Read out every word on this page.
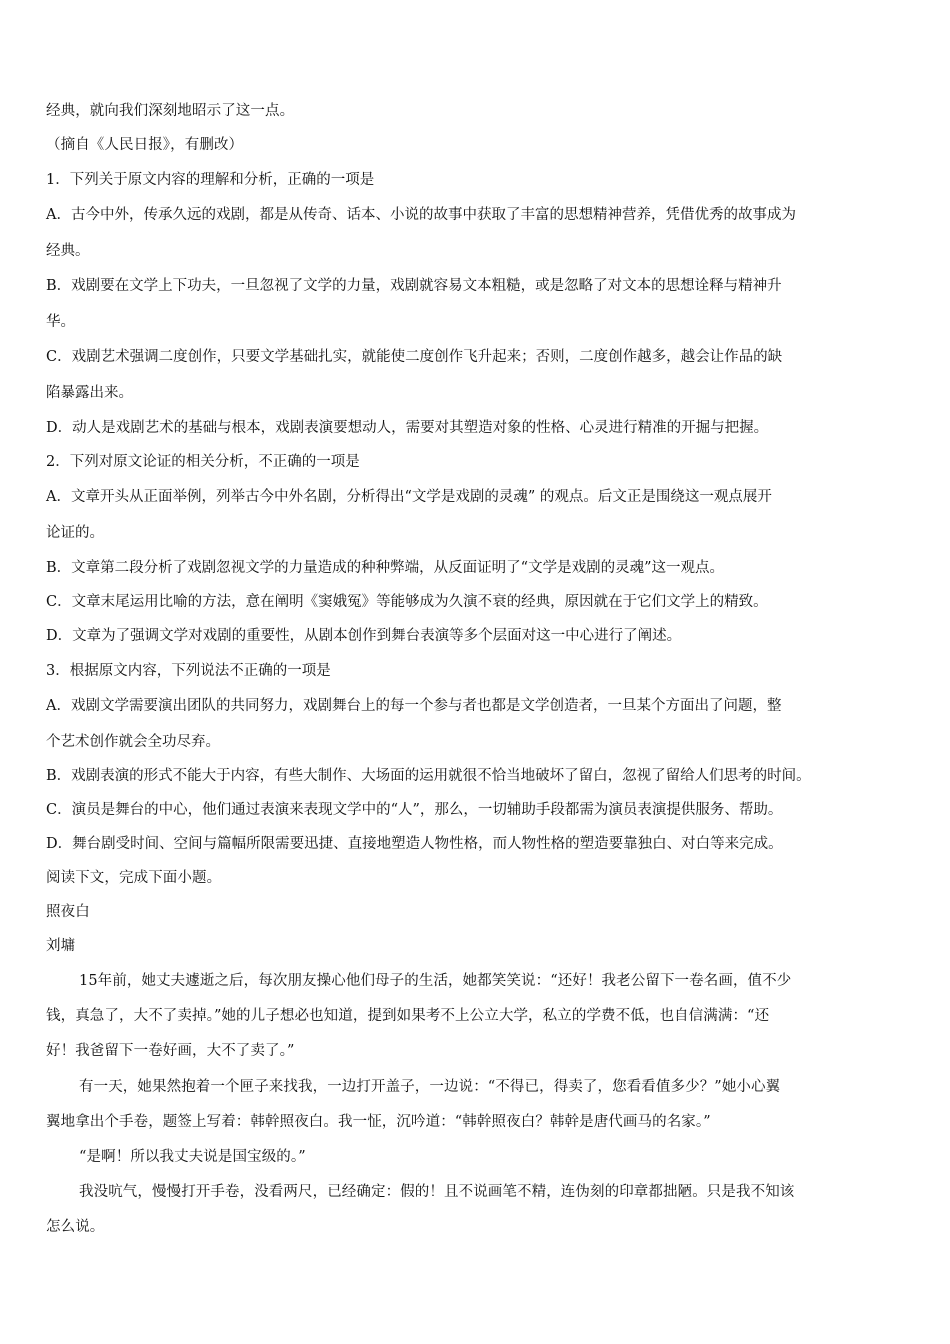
经典，就向我们深刻地昭示了这一点。
（摘自《人民日报》，有删改）
1．下列关于原文内容的理解和分析，正确的一项是
A．古今中外，传承久远的戏剧，都是从传奇、话本、小说的故事中获取了丰富的思想精神营养，凭借优秀的故事成为
经典。
B．戏剧要在文学上下功夫，一旦忽视了文学的力量，戏剧就容易文本粗糙，或是忽略了对文本的思想诠释与精神升
华。
C．戏剧艺术强调二度创作，只要文学基础扎实，就能使二度创作飞升起来；否则，二度创作越多，越会让作品的缺
陷暴露出来。
D．动人是戏剧艺术的基础与根本，戏剧表演要想动人，需要对其塑造对象的性格、心灵进行精准的开掘与把握。
2．下列对原文论证的相关分析，不正确的一项是
A．文章开头从正面举例，列举古今中外名剧，分析得出“文学是戏剧的灵魂” 的观点。后文正是围绕这一观点展开
论证的。
B．文章第二段分析了戏剧忽视文学的力量造成的种种弊端，从反面证明了“文学是戏剧的灵魂”这一观点。
C．文章末尾运用比喻的方法，意在阐明《窦娥冤》等能够成为久演不衰的经典，原因就在于它们文学上的精致。
D．文章为了强调文学对戏剧的重要性，从剧本创作到舞台表演等多个层面对这一中心进行了阐述。
3．根据原文内容，下列说法不正确的一项是
A．戏剧文学需要演出团队的共同努力，戏剧舞台上的每一个参与者也都是文学创造者，一旦某个方面出了问题，整
个艺术创作就会全功尽弃。
B．戏剧表演的形式不能大于内容，有些大制作、大场面的运用就很不恰当地破坏了留白，忽视了留给人们思考的时间。
C．演员是舞台的中心，他们通过表演来表现文学中的“人”，那么，一切辅助手段都需为演员表演提供服务、帮助。
D．舞台剧受时间、空间与篇幅所限需要迅捷、直接地塑造人物性格，而人物性格的塑造要靠独白、对白等来完成。
阅读下文，完成下面小题。
照夜白
刘墉
15年前，她丈夫遽逝之后，每次朋友操心他们母子的生活，她都笑笑说：“还好！我老公留下一卷名画，值不少
钱，真急了，大不了卖掉。”她的儿子想必也知道，提到如果考不上公立大学，私立的学费不低，也自信满满：“还
好！我爸留下一卷好画，大不了卖了。”
有一天，她果然抱着一个匣子来找我，一边打开盖子，一边说：“不得已，得卖了，您看看值多少？”她小心翼
翼地拿出个手卷，题签上写着：韩幹照夜白。我一怔，沉吟道：“韩幹照夜白？韩幹是唐代画马的名家。”
“是啊！所以我丈夫说是国宝级的。”
我没吭气，慢慢打开手卷，没看两尺，已经确定：假的！且不说画笔不精，连伪刻的印章都拙陋。只是我不知该
怎么说。
